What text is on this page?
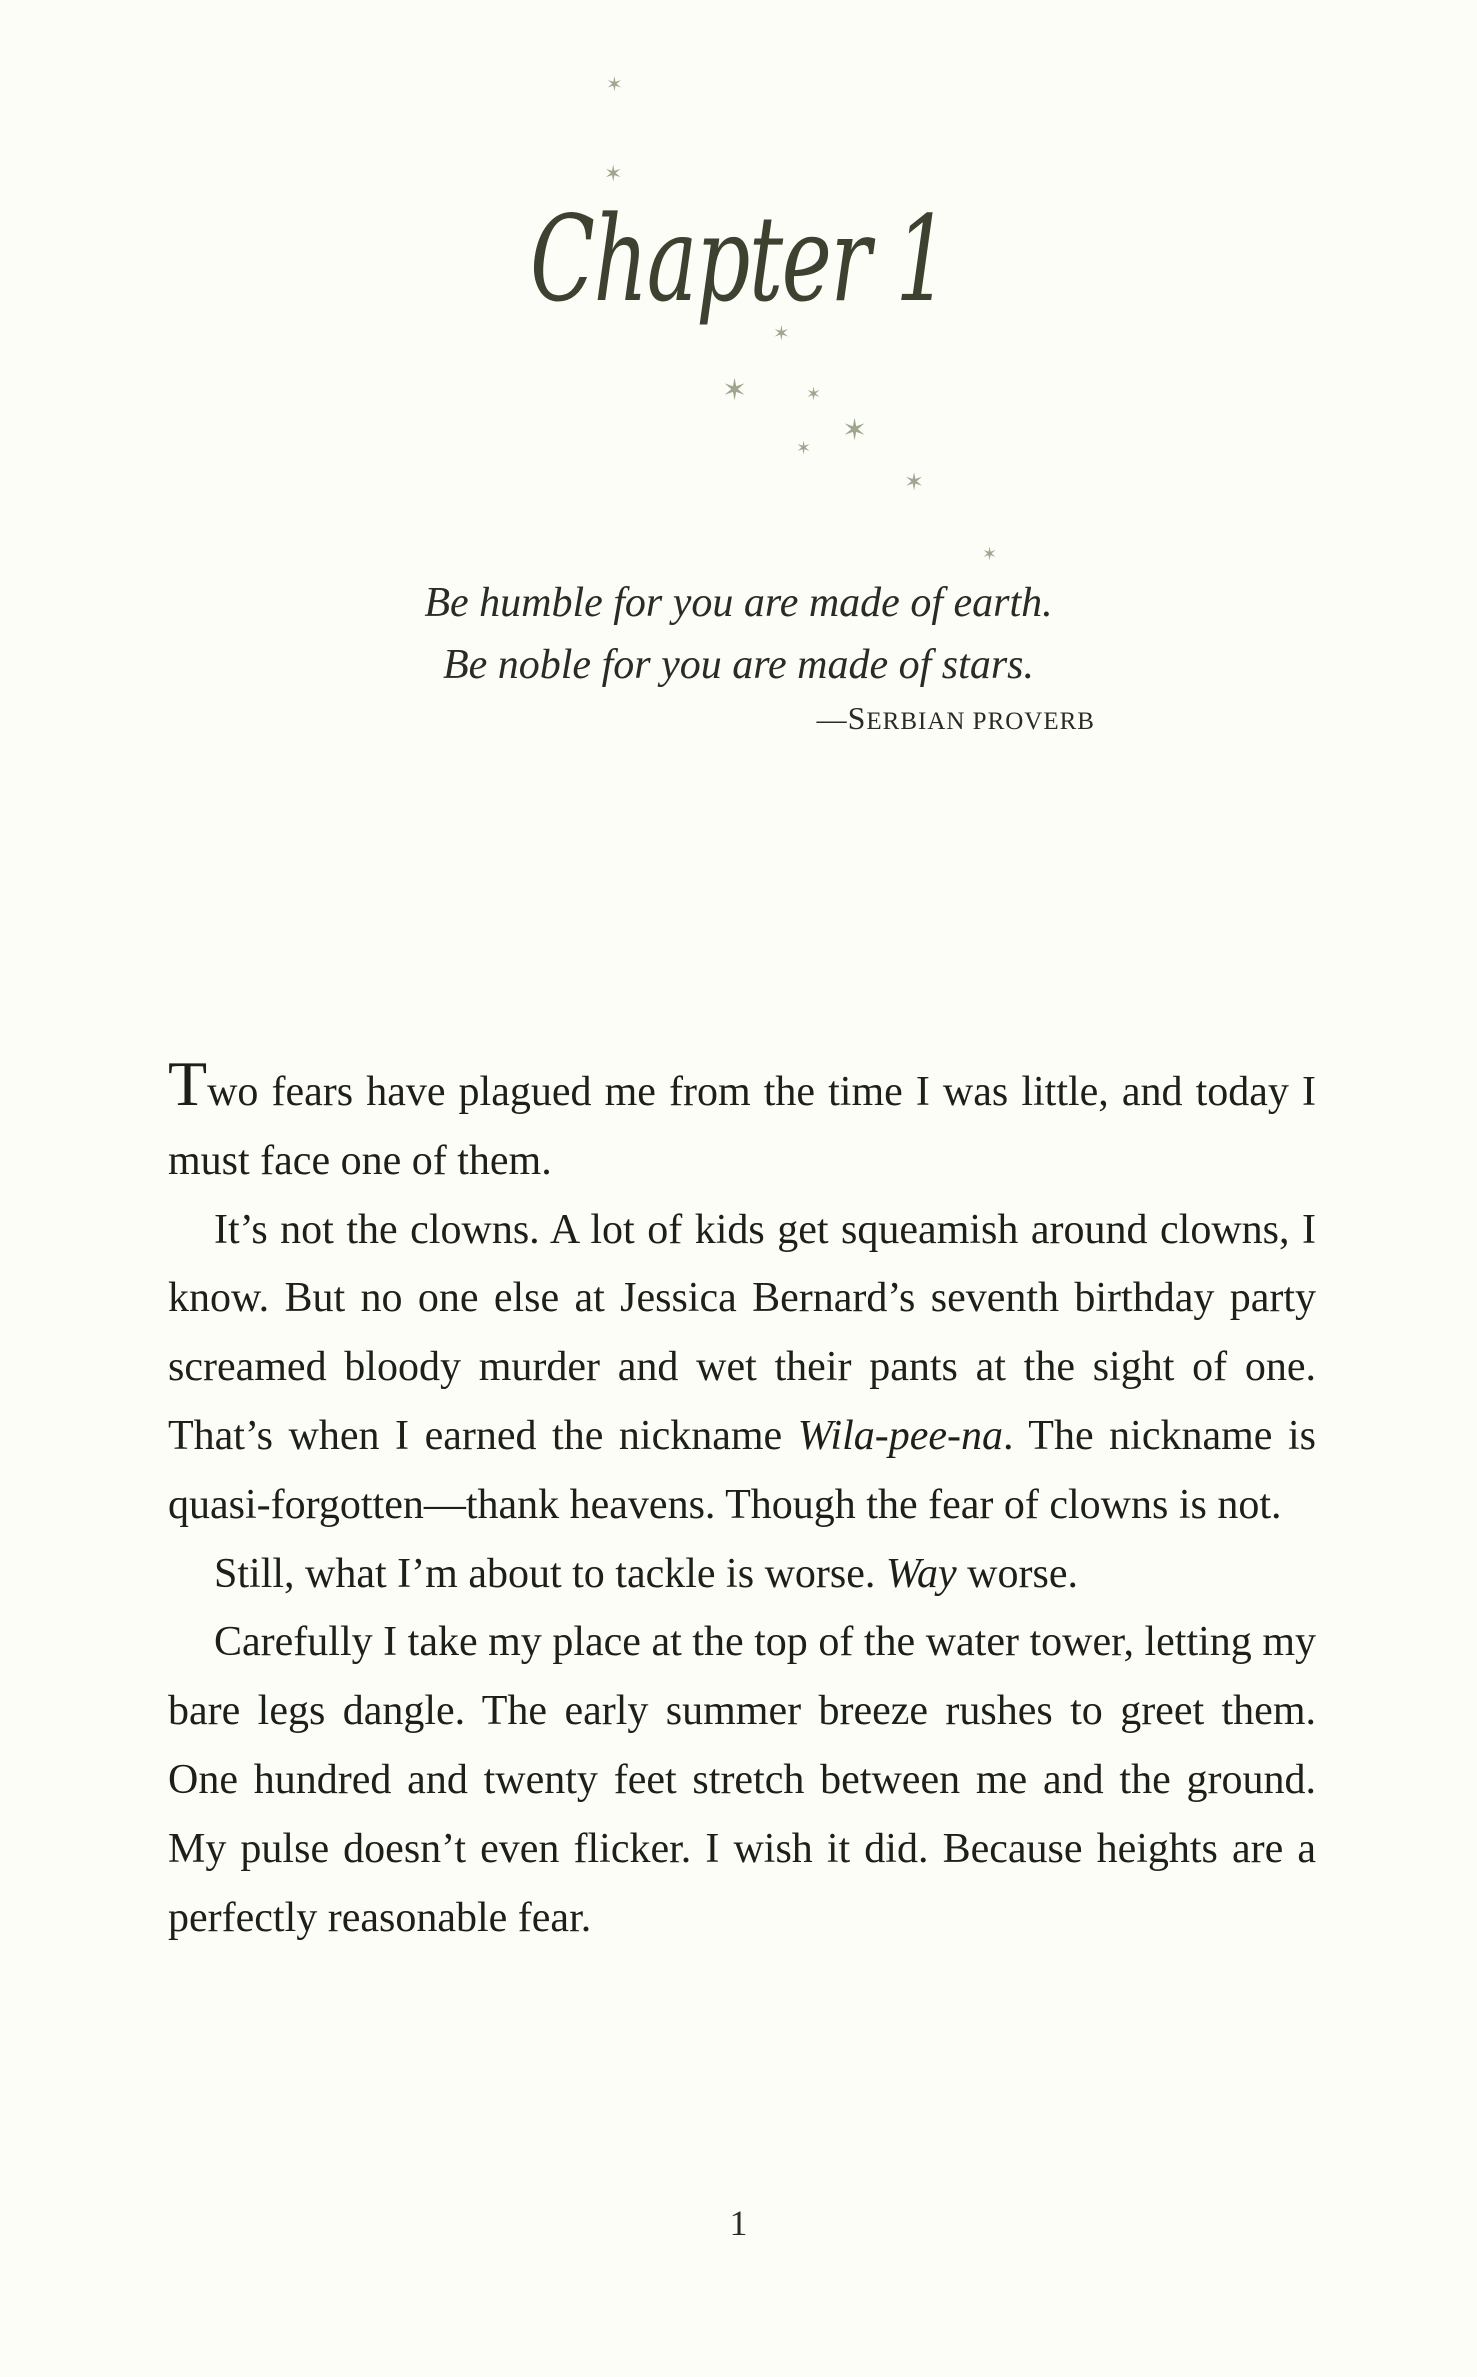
✶
✶
✶
✶	✶
✶
✶
✶
✶
Chapter 1
Be humble for you are made of earth.
Be noble for you are made of stars.
—SERBIAN PROVERB

Two fears have plagued me from the time I was little, and today I must face one of them.

It’s not the clowns. A lot of kids get squeamish around clowns, I know. But no one else at Jessica Bernard’s seventh birthday party screamed bloody murder and wet their pants at the sight of one. That’s when I earned the nickname Wila-pee-na. The nickname is quasi-forgotten—thank heavens. Though the fear of clowns is not.

Still, what I’m about to tackle is worse. Way worse.

Carefully I take my place at the top of the water tower, letting my bare legs dangle. The early summer breeze rushes to greet them. One hundred and twenty feet stretch between me and the ground. My pulse doesn’t even flicker. I wish it did. Because heights are a perfectly reasonable fear.

1
